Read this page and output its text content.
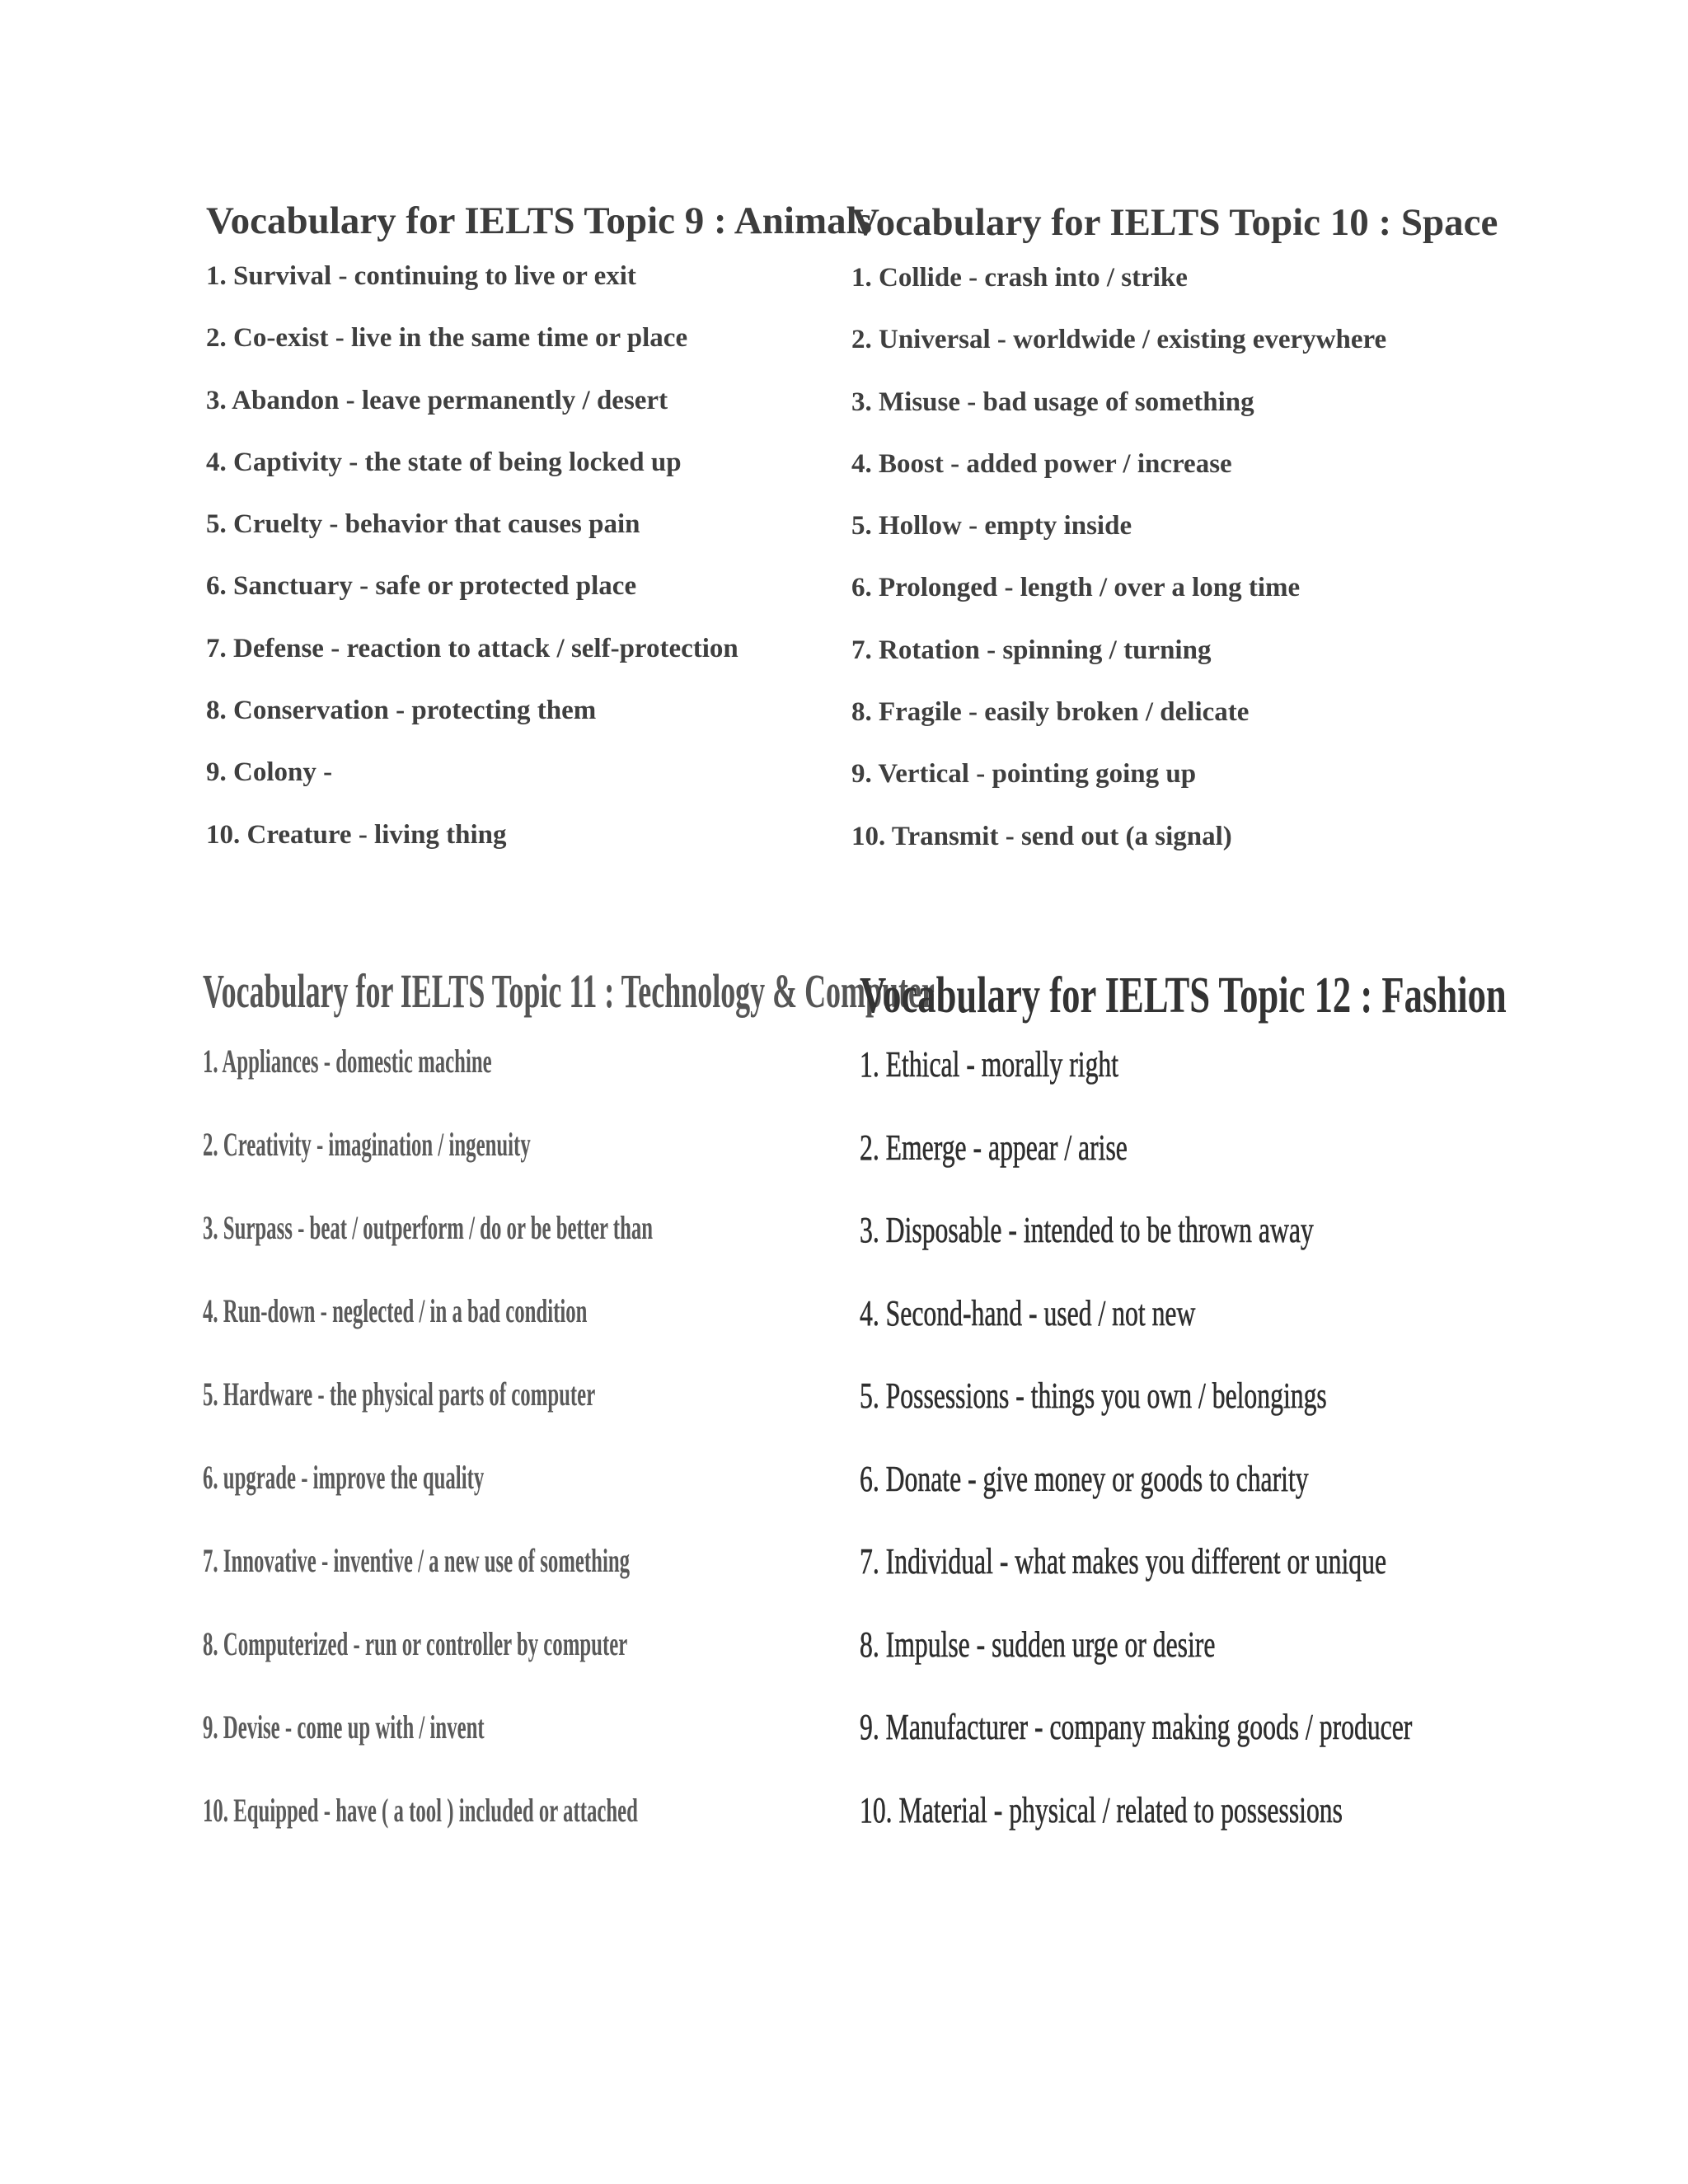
Vocabulary for IELTS Topic 9 : Animals
1. Survival - continuing to live or exit
2. Co-exist - live in the same time or place
3. Abandon - leave permanently / desert
4. Captivity - the state of being locked up
5. Cruelty - behavior that causes pain
6. Sanctuary - safe or protected place
7. Defense - reaction to attack / self-protection
8. Conservation - protecting them
9. Colony -
10. Creature - living thing
Vocabulary for IELTS Topic 10 : Space
1. Collide - crash into / strike
2. Universal - worldwide / existing everywhere
3. Misuse - bad usage of something
4. Boost - added power / increase
5. Hollow - empty inside
6. Prolonged - length / over a long time
7. Rotation - spinning / turning
8. Fragile - easily broken / delicate
9. Vertical - pointing going up
10. Transmit - send out (a signal)
Vocabulary for IELTS Topic 11 : Technology & Computer
1. Appliances - domestic machine
2. Creativity - imagination / ingenuity
3. Surpass - beat / outperform / do or be better than
4. Run-down - neglected / in a bad condition
5. Hardware - the physical parts of computer
6. upgrade - improve the quality
7. Innovative - inventive / a new use of something
8. Computerized - run or controller by computer
9. Devise - come up with / invent
10. Equipped - have ( a tool ) included or attached
Vocabulary for IELTS Topic 12 : Fashion
1. Ethical - morally right
2. Emerge - appear / arise
3. Disposable - intended to be thrown away
4. Second-hand - used / not new
5. Possessions - things you own / belongings
6. Donate - give money or goods to charity
7. Individual - what makes you different or unique
8. Impulse - sudden urge or desire
9. Manufacturer - company making goods / producer
10. Material - physical / related to possessions
